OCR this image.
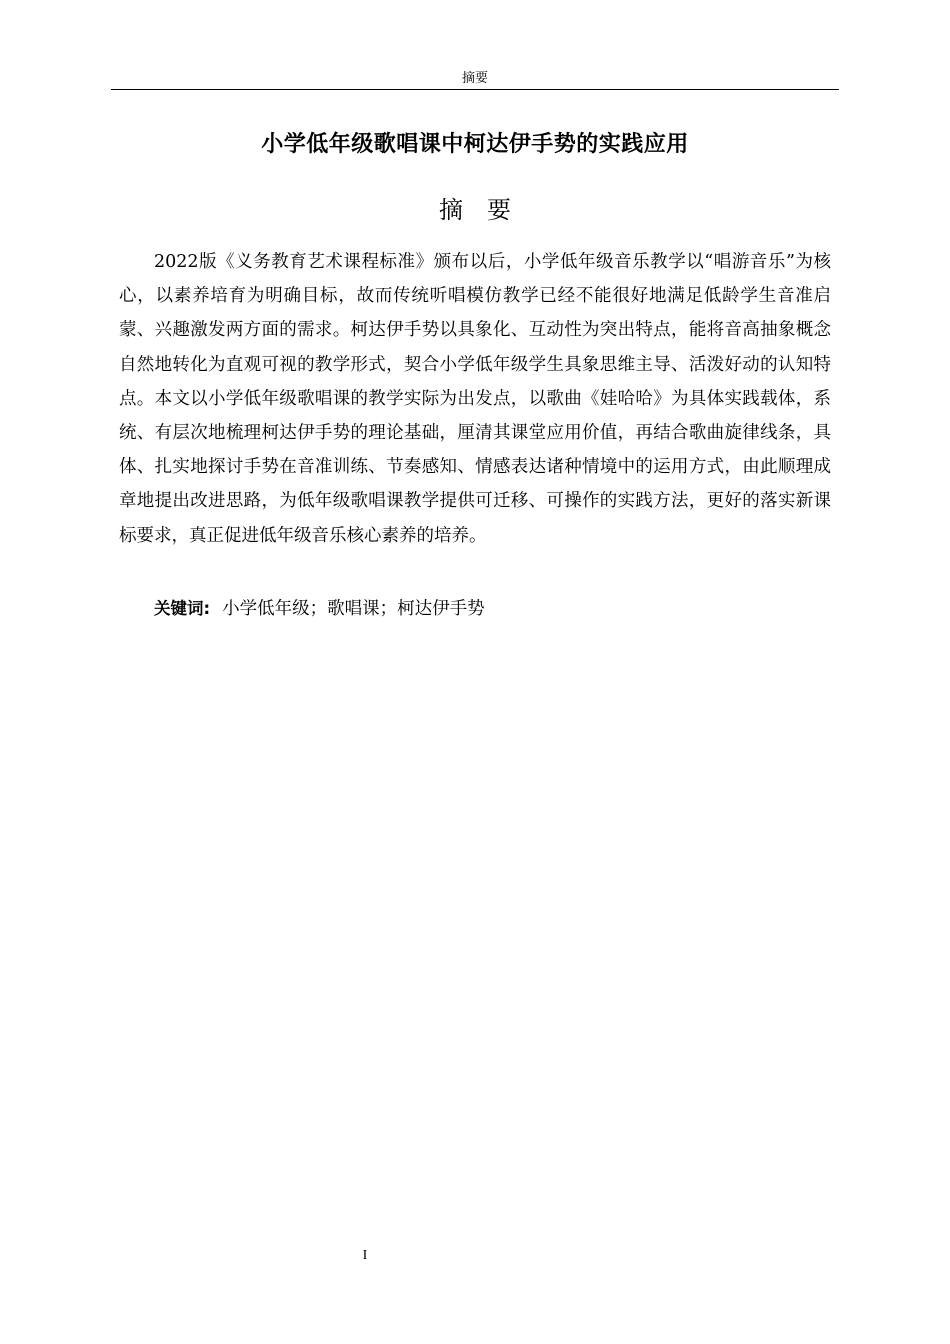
摘要
小学低年级歌唱课中柯达伊手势的实践应用
摘要

2022版《义务教育艺术课程标准》颁布以后，小学低年级音乐教学以“唱游音乐”为核心，以素养培育为明确目标，故而传统听唱模仿教学已经不能很好地满足低龄学生音准启蒙、兴趣激发两方面的需求。柯达伊手势以具象化、互动性为突出特点，能将音高抽象概念自然地转化为直观可视的教学形式，契合小学低年级学生具象思维主导、活泼好动的认知特点。本文以小学低年级歌唱课的教学实际为出发点，以歌曲《娃哈哈》为具体实践载体，系统、有层次地梳理柯达伊手势的理论基础，厘清其课堂应用价值，再结合歌曲旋律线条，具体、扎实地探讨手势在音准训练、节奏感知、情感表达诸种情境中的运用方式，由此顺理成章地提出改进思路，为低年级歌唱课教学提供可迁移、可操作的实践方法，更好的落实新课标要求，真正促进低年级音乐核心素养的培养。

关键词: 小学低年级；歌唱课；柯达伊手势
I
